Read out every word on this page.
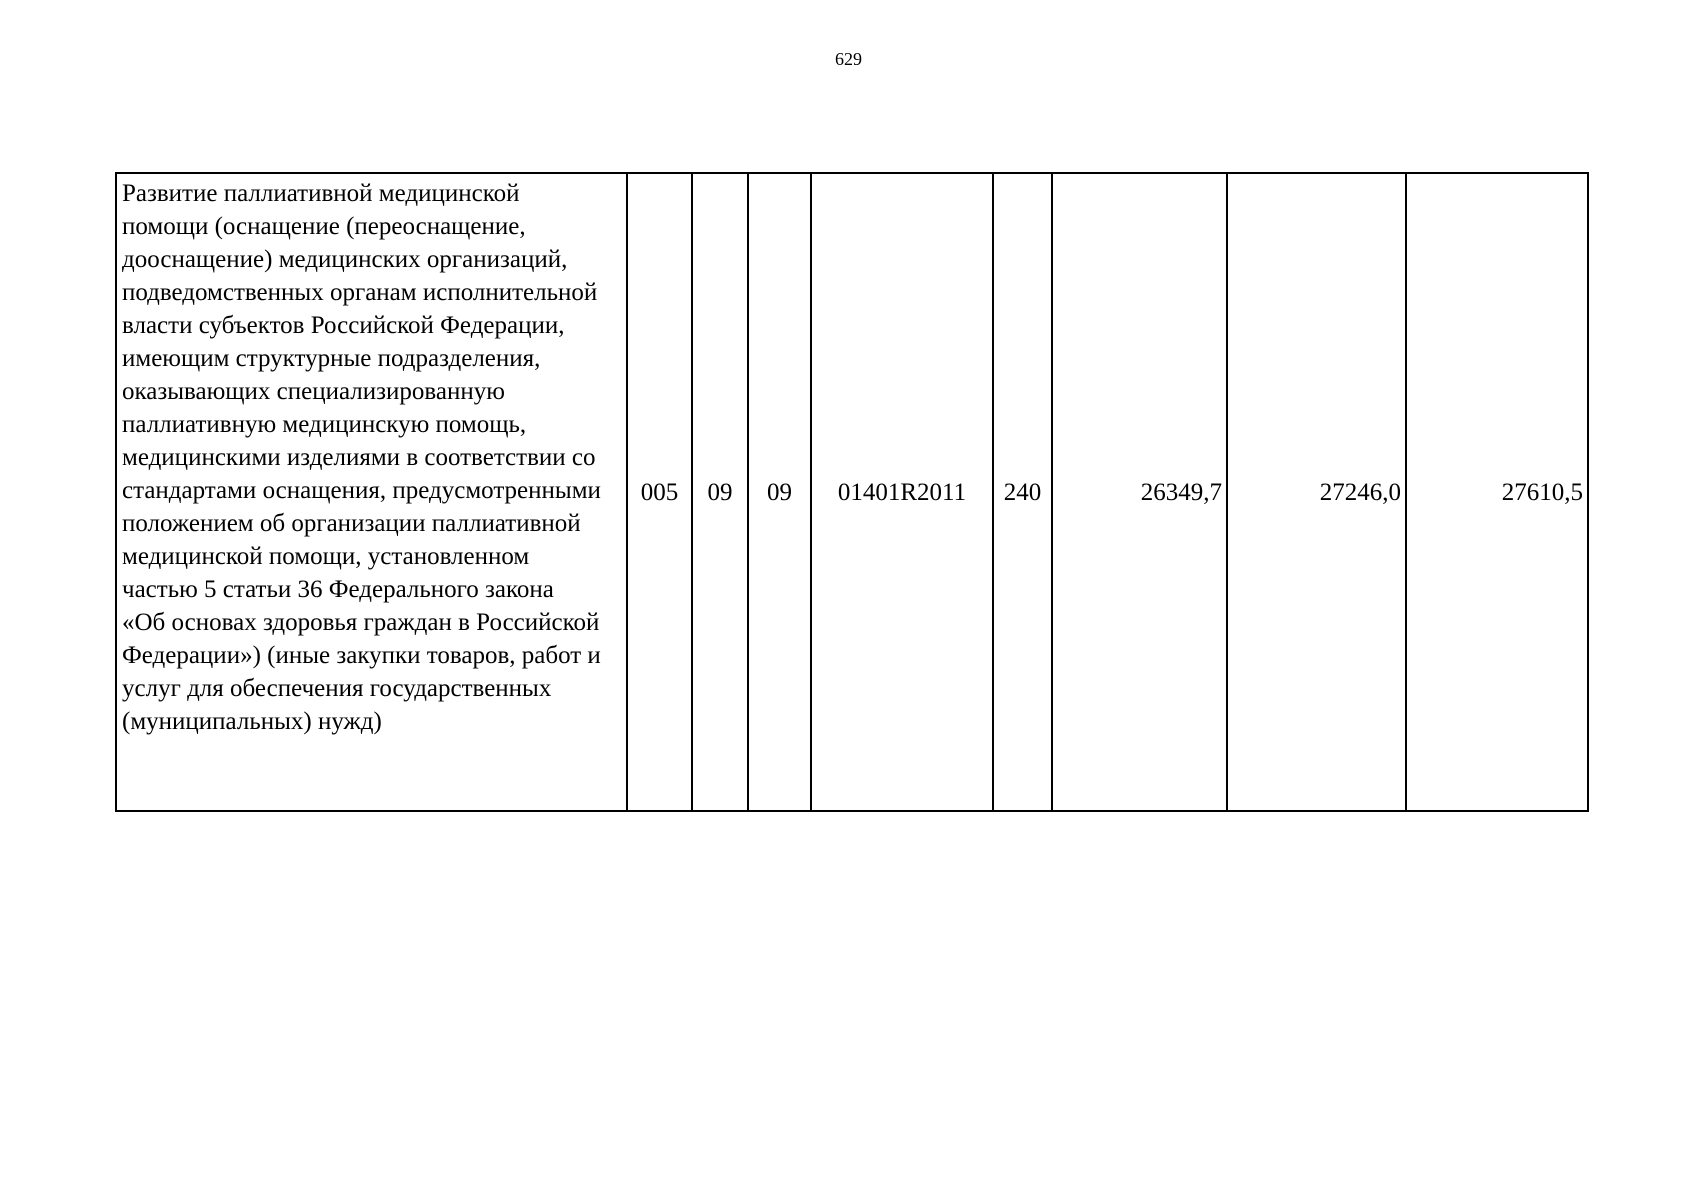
629
Развитие паллиативной медицинской
помощи (оснащение (переоснащение,
дооснащение) медицинских организаций,
подведомственных органам исполнительной
власти субъектов Российской Федерации,
имеющим структурные подразделения,
оказывающих специализированную
паллиативную медицинскую помощь,
медицинскими изделиями в соответствии со
стандартами оснащения, предусмотренными
положением об организации паллиативной
медицинской помощи, установленном
частью 5 статьи 36 Федерального закона
«Об основах здоровья граждан в Российской
Федерации») (иные закупки товаров, работ и
услуг для обеспечения государственных
(муниципальных) нужд)
	005	09	09	01401R2011	240	26349,7	27246,0	27610,5
